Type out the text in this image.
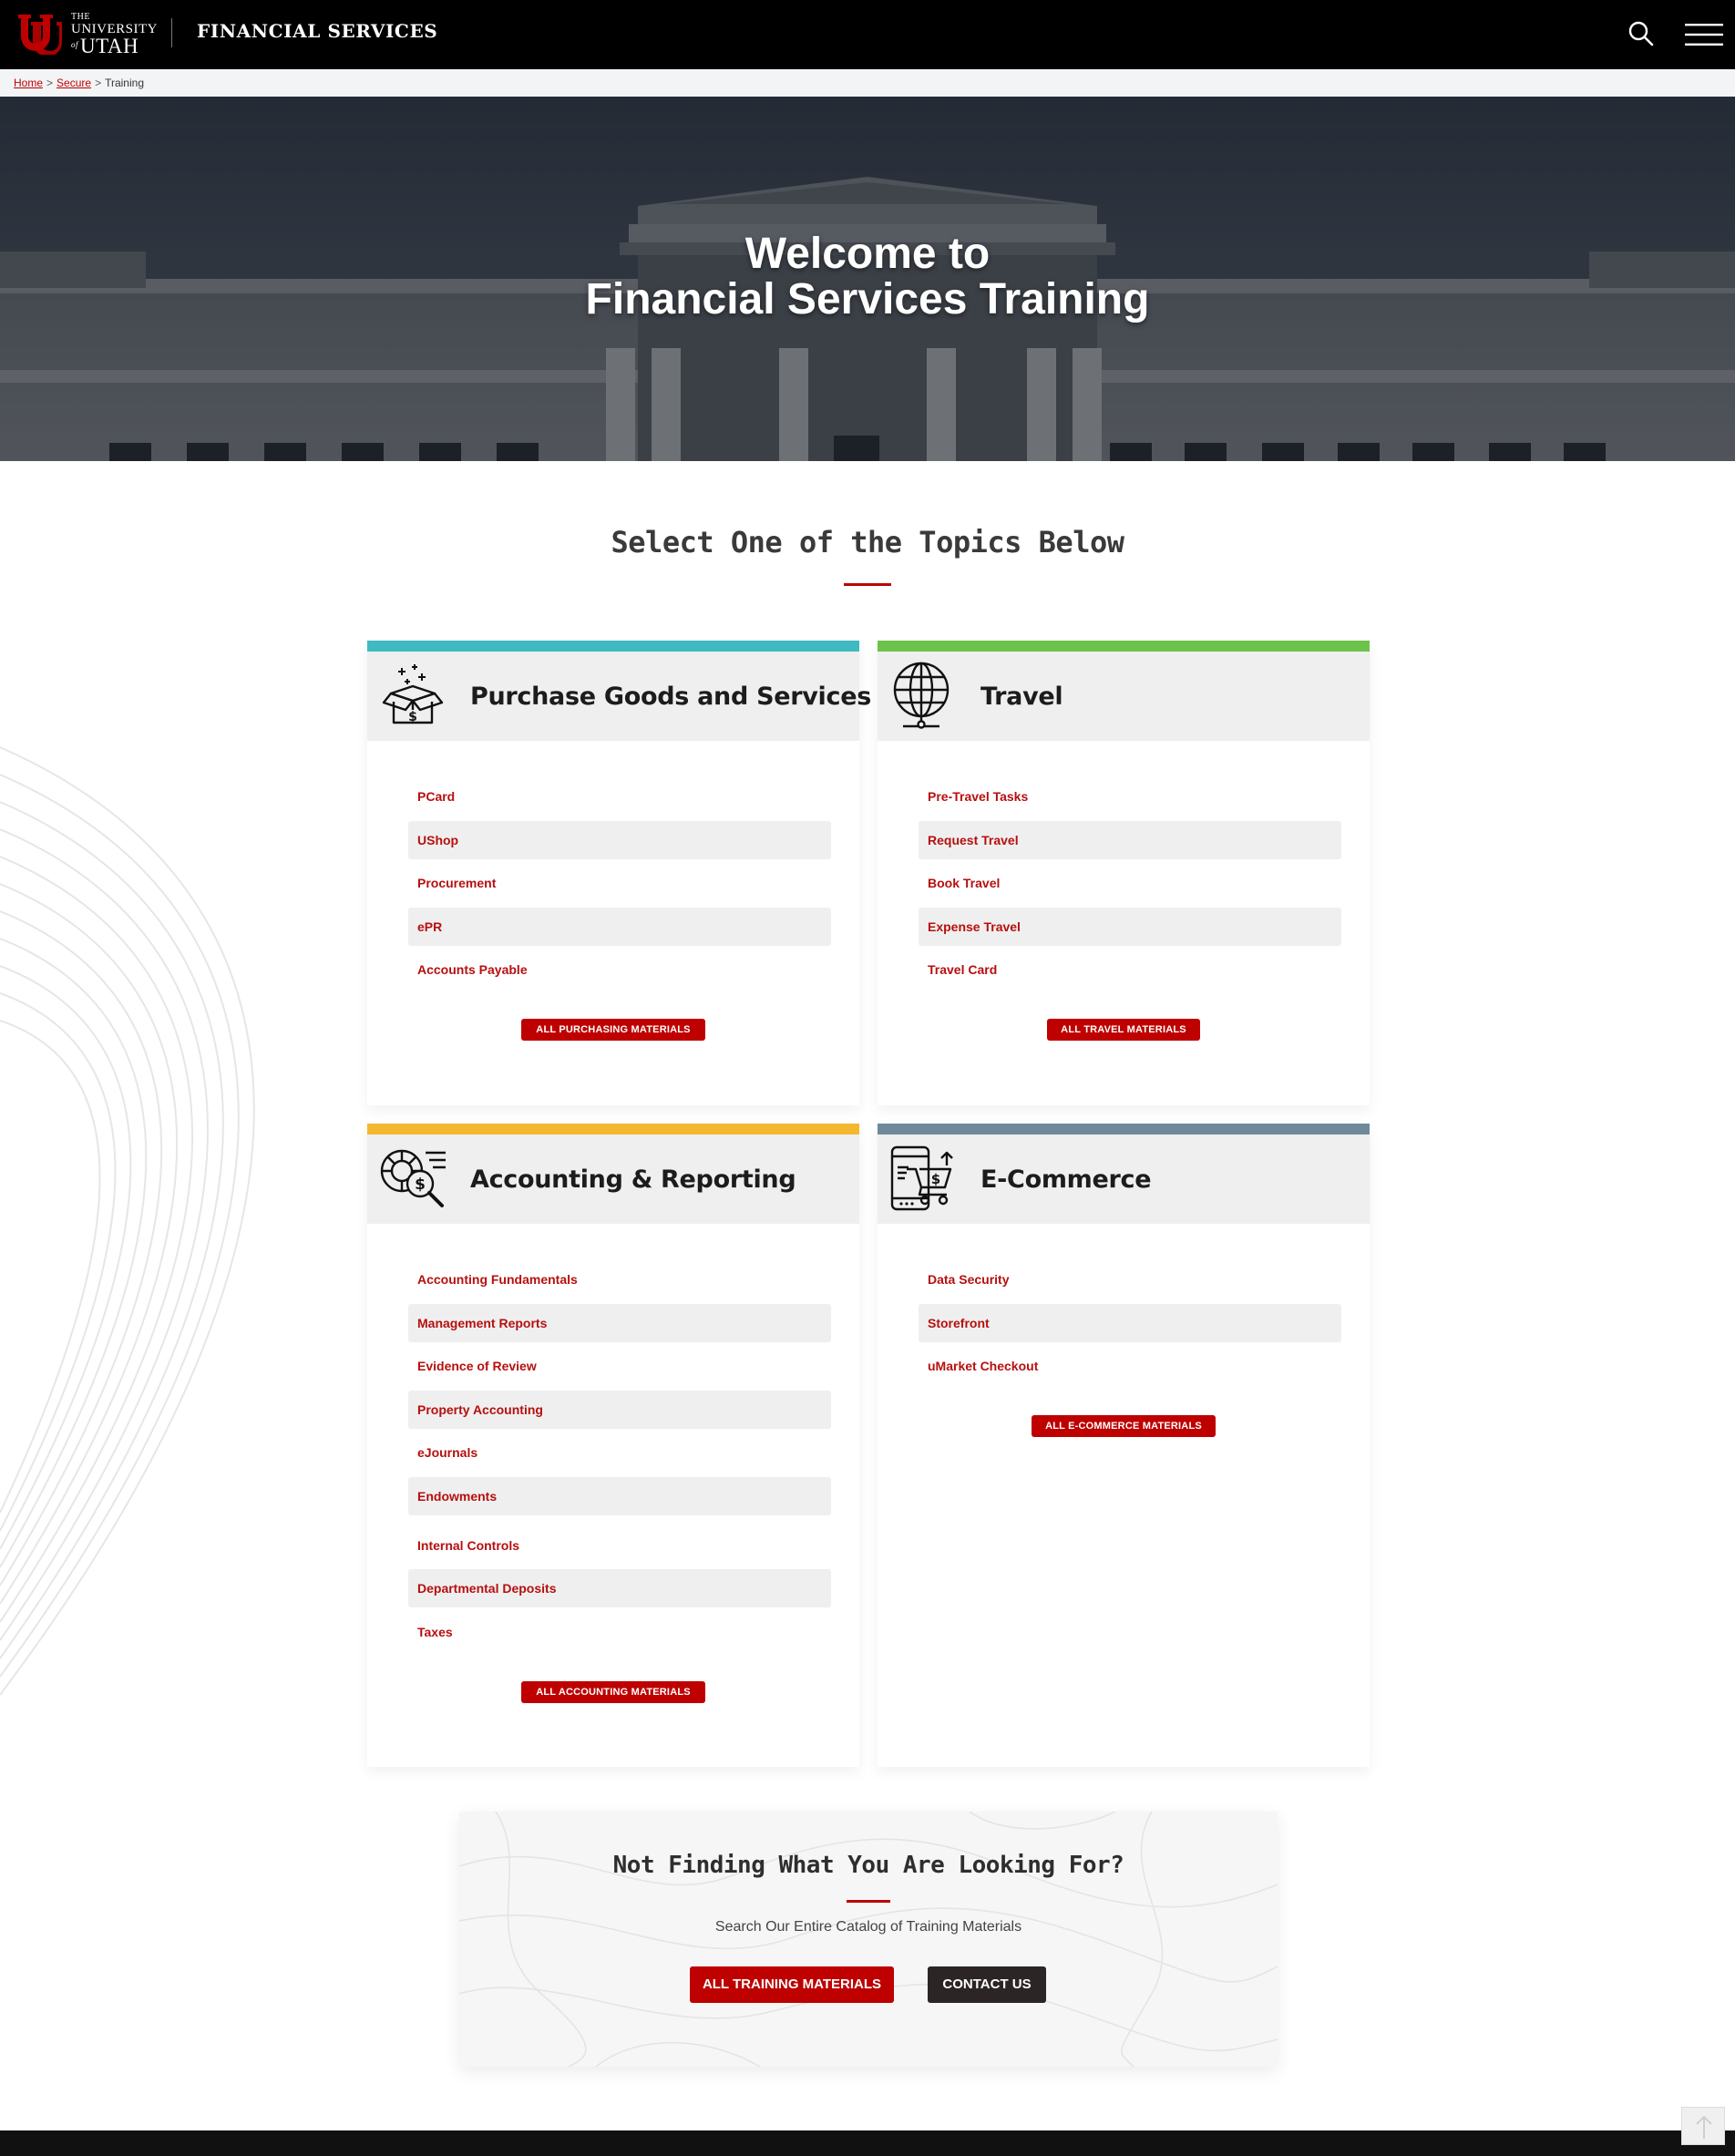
THE
UNIVERSITY
$^{of}$UTAH
FINANCIAL SERVICES
Home > Secure > Training
Welcome to
Financial Services Training
Select One of the Topics Below
$
Purchase Goods and Services
PCard
UShop
Procurement
ePR
Accounts Payable
ALL PURCHASING MATERIALS
Travel
Pre-Travel Tasks
Request Travel
Book Travel
Expense Travel
Travel Card
ALL TRAVEL MATERIALS
$ Accounting & Reporting
Accounting Fundamentals
Management Reports
Evidence of Review
Property Accounting
eJournals
Endowments
Internal Controls
Departmental Deposits
Taxes
ALL ACCOUNTING MATERIALS
$ E-Commerce
Data Security
Storefront
uMarket Checkout
ALL E-COMMERCE MATERIALS
Not Finding What You Are Looking For?

Search Our Entire Catalog of Training Materials

ALL TRAINING MATERIALS	CONTACT US
